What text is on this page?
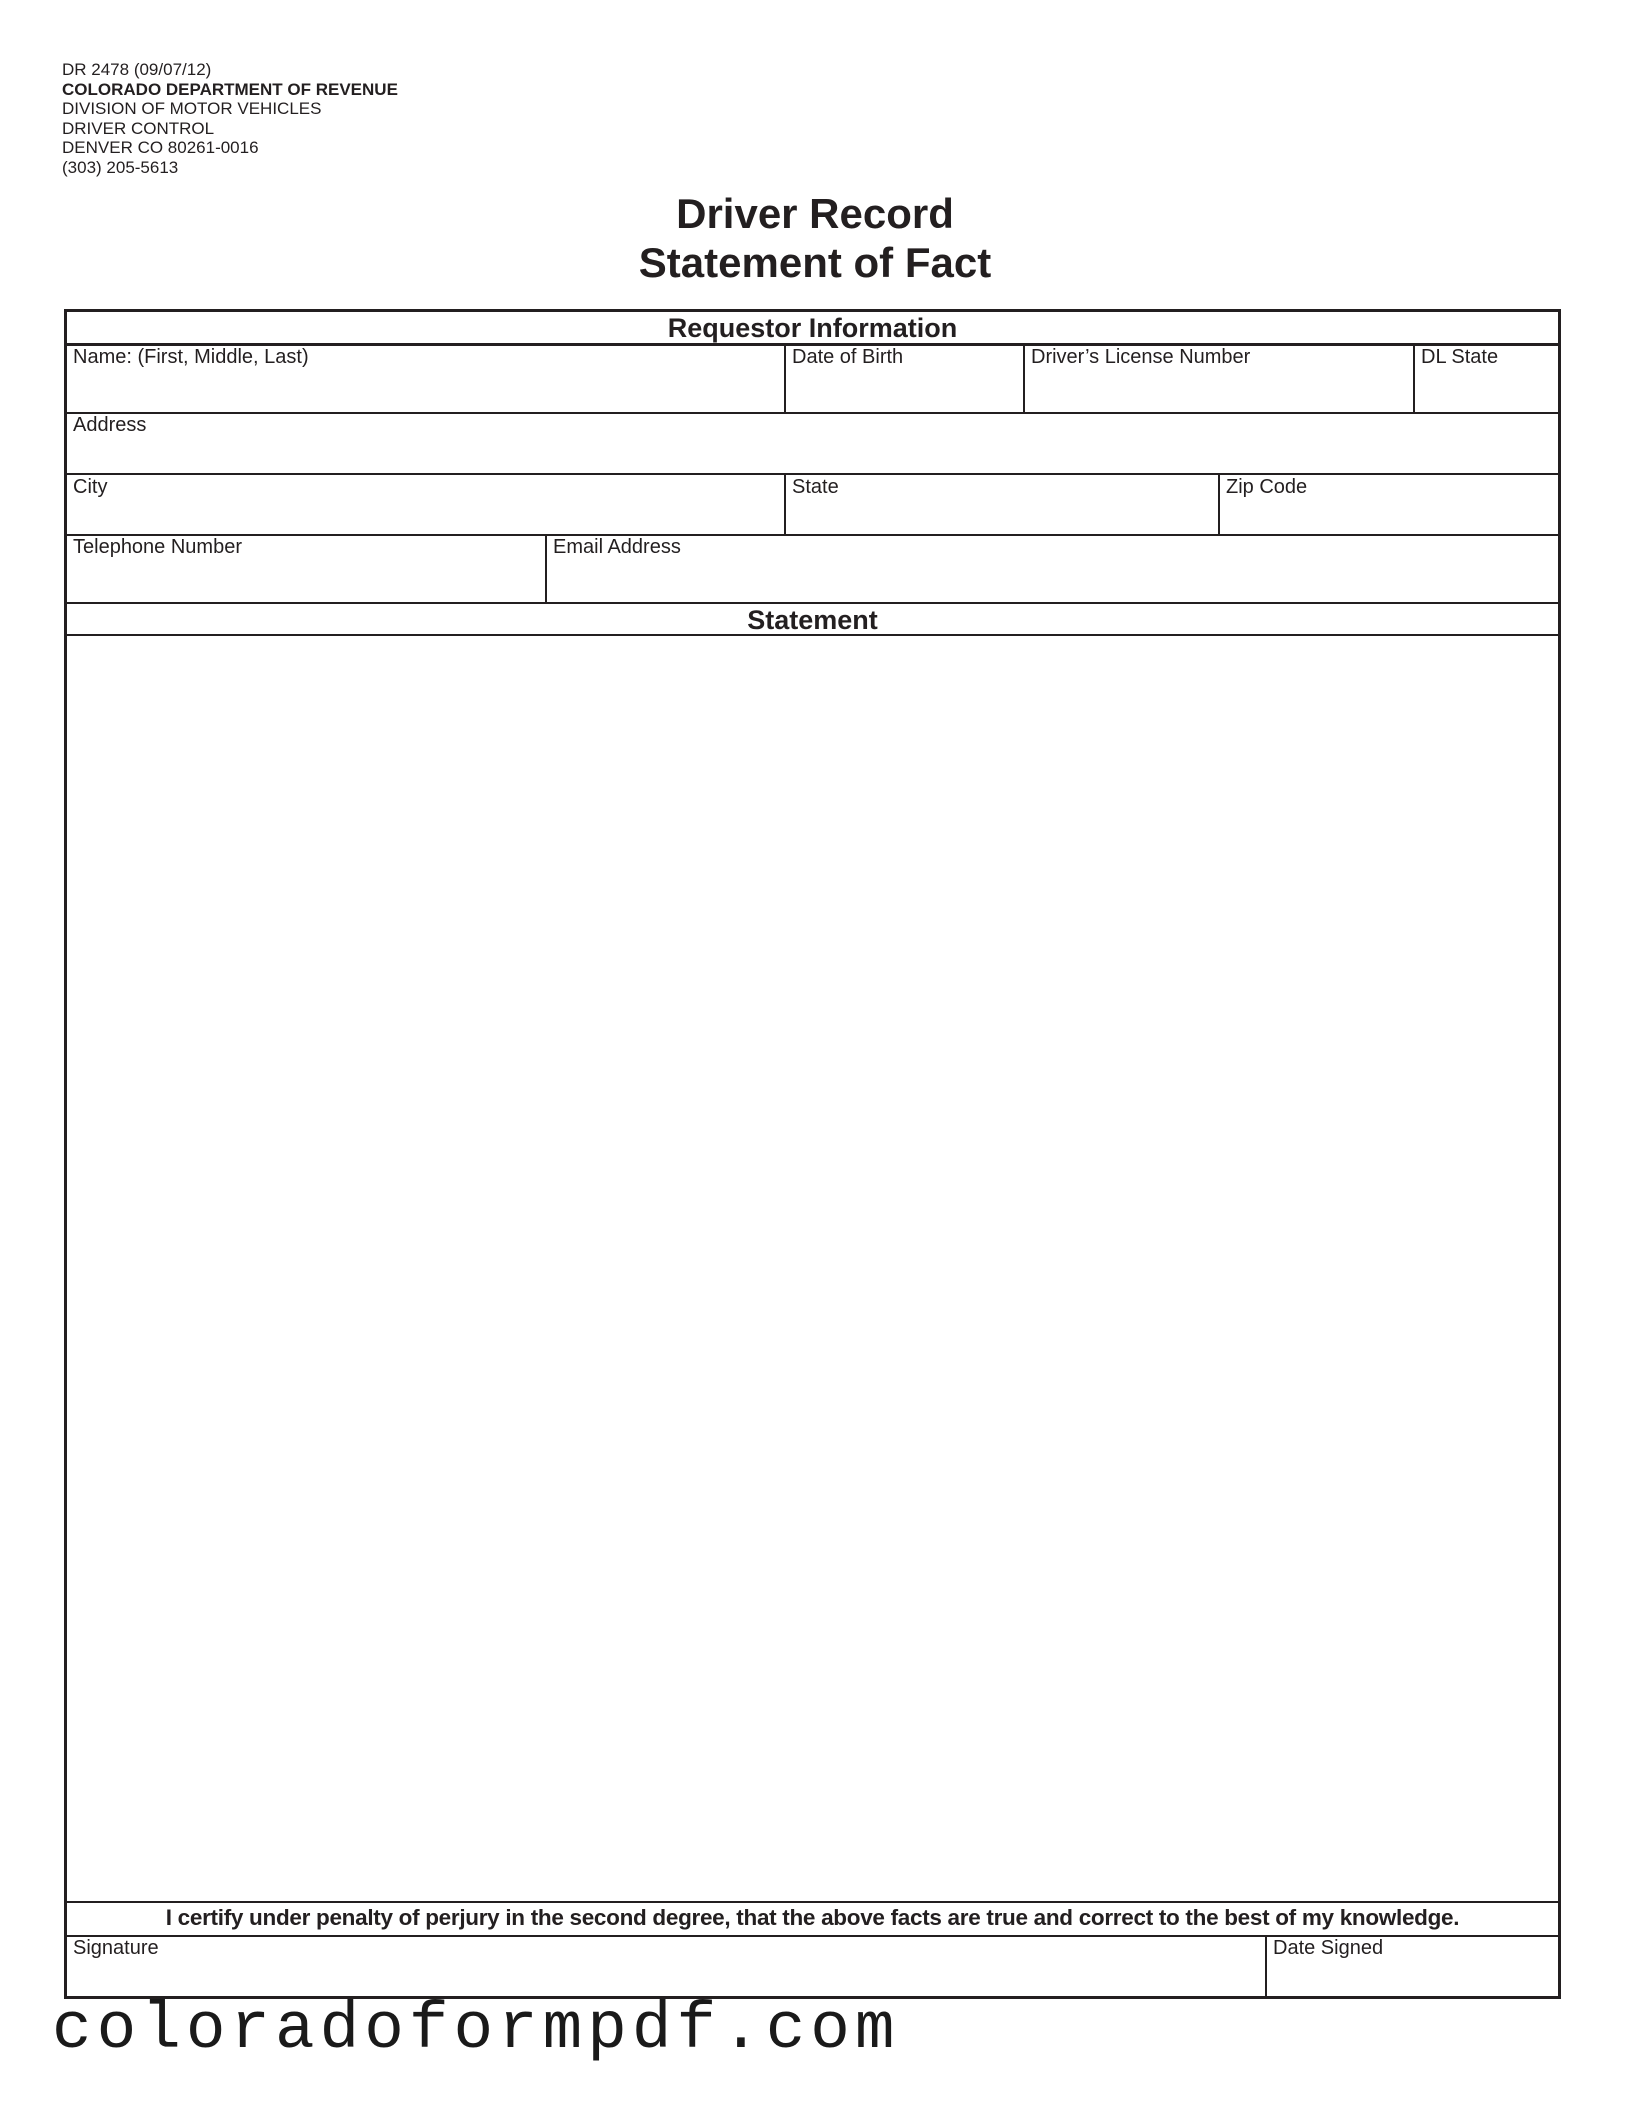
DR 2478 (09/07/12)
COLORADO DEPARTMENT OF REVENUE
DIVISION OF MOTOR VEHICLES
DRIVER CONTROL
DENVER CO 80261-0016
(303) 205-5613
Driver Record
Statement of Fact
Requestor Information
Name: (First, Middle, Last)	Date of Birth	Driver’s License Number	DL State
Address
City	State	Zip Code
Telephone Number	Email Address
Statement
I certify under penalty of perjury in the second degree, that the above facts are true and correct to the best of my knowledge.
Signature	Date Signed
coloradoformpdf.com
